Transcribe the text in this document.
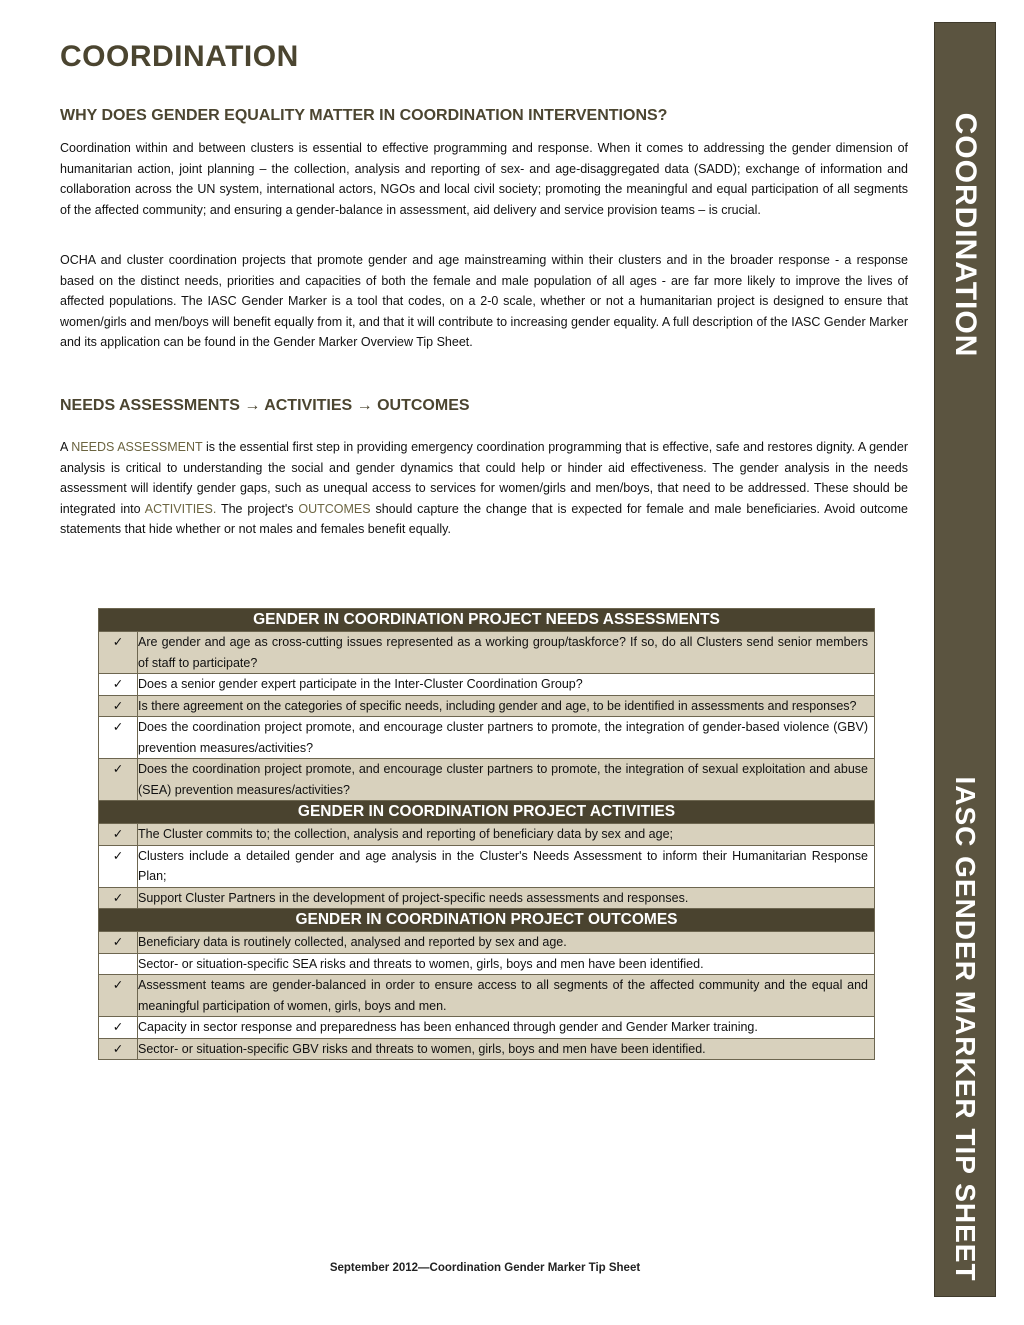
COORDINATION
IASC GENDER MARKER TIP SHEET
COORDINATION
WHY DOES GENDER EQUALITY MATTER IN COORDINATION INTERVENTIONS?

Coordination within and between clusters is essential to effective programming and response. When it comes to addressing the gender dimension of humanitarian action, joint planning – the collection, analysis and reporting of sex- and age-disaggregated data (SADD); exchange of information and collaboration across the UN system, international actors, NGOs and local civil society; promoting the meaningful and equal participation of all segments of the affected community; and ensuring a gender-balance in assessment, aid delivery and service provision teams – is crucial.

OCHA and cluster coordination projects that promote gender and age mainstreaming within their clusters and in the broader response - a response based on the distinct needs, priorities and capacities of both the female and male population of all ages - are far more likely to improve the lives of affected populations. The IASC Gender Marker is a tool that codes, on a 2-0 scale, whether or not a humanitarian project is designed to ensure that women/girls and men/boys will benefit equally from it, and that it will contribute to increasing gender equality. A full description of the IASC Gender Marker and its application can be found in the Gender Marker Overview Tip Sheet.

NEEDS ASSESSMENTS → ACTIVITIES → OUTCOMES

A NEEDS ASSESSMENT is the essential first step in providing emergency coordination programming that is effective, safe and restores dignity. A gender analysis is critical to understanding the social and gender dynamics that could help or hinder aid effectiveness. The gender analysis in the needs assessment will identify gender gaps, such as unequal access to services for women/girls and men/boys, that need to be addressed. These should be integrated into ACTIVITIES. The project's OUTCOMES should capture the change that is expected for female and male beneficiaries. Avoid outcome statements that hide whether or not males and females benefit equally.

GENDER IN COORDINATION PROJECT NEEDS ASSESSMENTS	
✓	Are gender and age as cross-cutting issues represented as a working group/taskforce? If so, do all Clusters send senior members of staff to participate?
✓	Does a senior gender expert participate in the Inter-Cluster Coordination Group?
✓	Is there agreement on the categories of specific needs, including gender and age, to be identified in assessments and responses?
✓	Does the coordination project promote, and encourage cluster partners to promote, the integration of gender-based violence (GBV) prevention measures/activities?
✓	Does the coordination project promote, and encourage cluster partners to promote, the integration of sexual exploitation and abuse (SEA) prevention measures/activities?
GENDER IN COORDINATION PROJECT ACTIVITIES	
✓	The Cluster commits to; the collection, analysis and reporting of beneficiary data by sex and age;
✓	Clusters include a detailed gender and age analysis in the Cluster's Needs Assessment to inform their Humanitarian Response Plan;
✓	Support Cluster Partners in the development of project-specific needs assessments and responses.
GENDER IN COORDINATION PROJECT OUTCOMES	
✓	Beneficiary data is routinely collected, analysed and reported by sex and age.
	Sector- or situation-specific SEA risks and threats to women, girls, boys and men have been identified.
✓	Assessment teams are gender-balanced in order to ensure access to all segments of the affected community and the equal and meaningful participation of women, girls, boys and men.
✓	Capacity in sector response and preparedness has been enhanced through gender and Gender Marker training.
✓	Sector- or situation-specific GBV risks and threats to women, girls, boys and men have been identified.
September 2012—Coordination Gender Marker Tip Sheet
